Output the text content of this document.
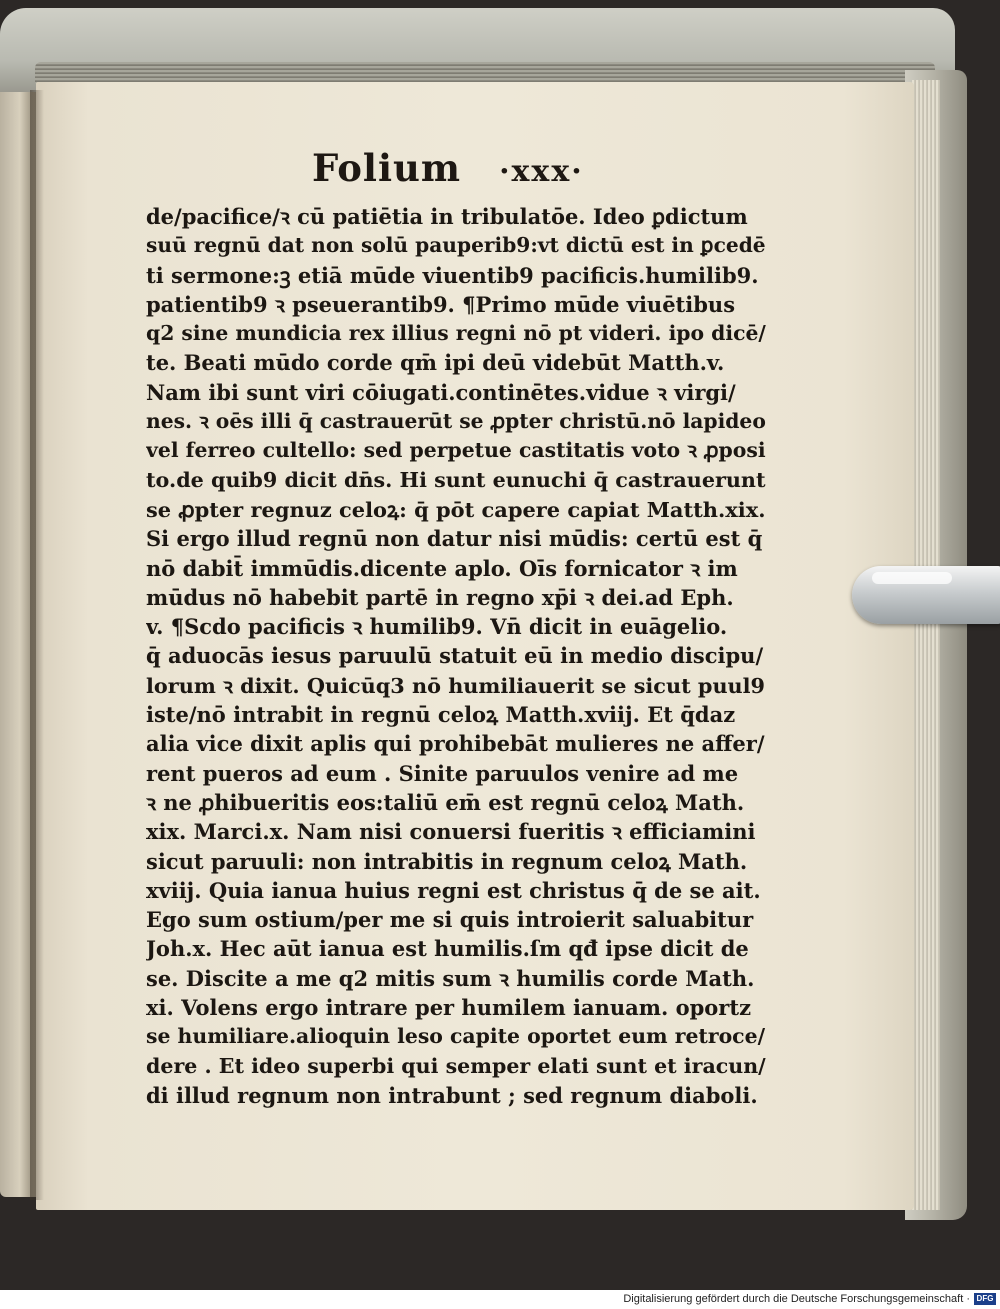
Folium ·xxx·
de/pacifice/ꝛ cū patiētia in tribulatōe. Ideo ꝑdictum
suū regnū dat non solū pauperib9:vt dictū est in ꝑcedē
ti sermone:ꝫ etiā mūde viuentib9 pacificis.humilib9.
patientib9 ꝛ pseuerantib9. ¶Primo mūde viuētibus
q2 sine mundicia rex illius regni nō pt videri. ipo dicē/
te. Beati mūdo corde qm̄ ipi deū videbūt Matth.v.
Nam ibi sunt viri cōiugati.continētes.vidue ꝛ virgi/
nes. ꝛ oēs illi q̄ castrauerūt se ꝓpter christū.nō lapideo
vel ferreo cultello: sed perpetue castitatis voto ꝛ ꝓposi
to.de quib9 dicit dn̄s. Hi sunt eunuchi q̄ castrauerunt
se ꝓpter regnuz celoꝝ: q̄ pōt capere capiat Matth.xix.
Si ergo illud regnū non datur nisi mūdis: certū est q̄
nō dabit̄ immūdis.dicente aplo. Oīs fornicator ꝛ im
mūdus nō habebit partē in regno xp̄i ꝛ dei.ad Eph.
v. ¶Scdo pacificis ꝛ humilib9. Vn̄ dicit in euāgelio.
q̄ aduocās iesus paruulū statuit eū in medio discipu/
lorum ꝛ dixit. Quicūq3 nō humiliauerit se sicut puul9
iste/nō intrabit in regnū celoꝝ Matth.xviij. Et q̄daz
alia vice dixit aplis qui prohibebāt mulieres ne affer/
rent pueros ad eum . Sinite paruulos venire ad me
ꝛ ne ꝓhibueritis eos:taliū em̄ est regnū celoꝝ Math.
xix. Marci.x. Nam nisi conuersi fueritis ꝛ efficiamini
sicut paruuli: non intrabitis in regnum celoꝝ Math.
xviij. Quia ianua huius regni est christus q̄ de se ait.
Ego sum ostium/per me si quis introierit saluabitur
Joh.x. Hec aūt ianua est humilis.ſm qđ ipse dicit de
se. Discite a me q2 mitis sum ꝛ humilis corde Math.
xi. Volens ergo intrare per humilem ianuam. oportz
se humiliare.alioquin leso capite oportet eum retroce/
dere . Et ideo superbi qui semper elati sunt et iracun/
di illud regnum non intrabunt ; sed regnum diaboli.
Digitalisierung gefördert durch die Deutsche Forschungsgemeinschaft · DFG
